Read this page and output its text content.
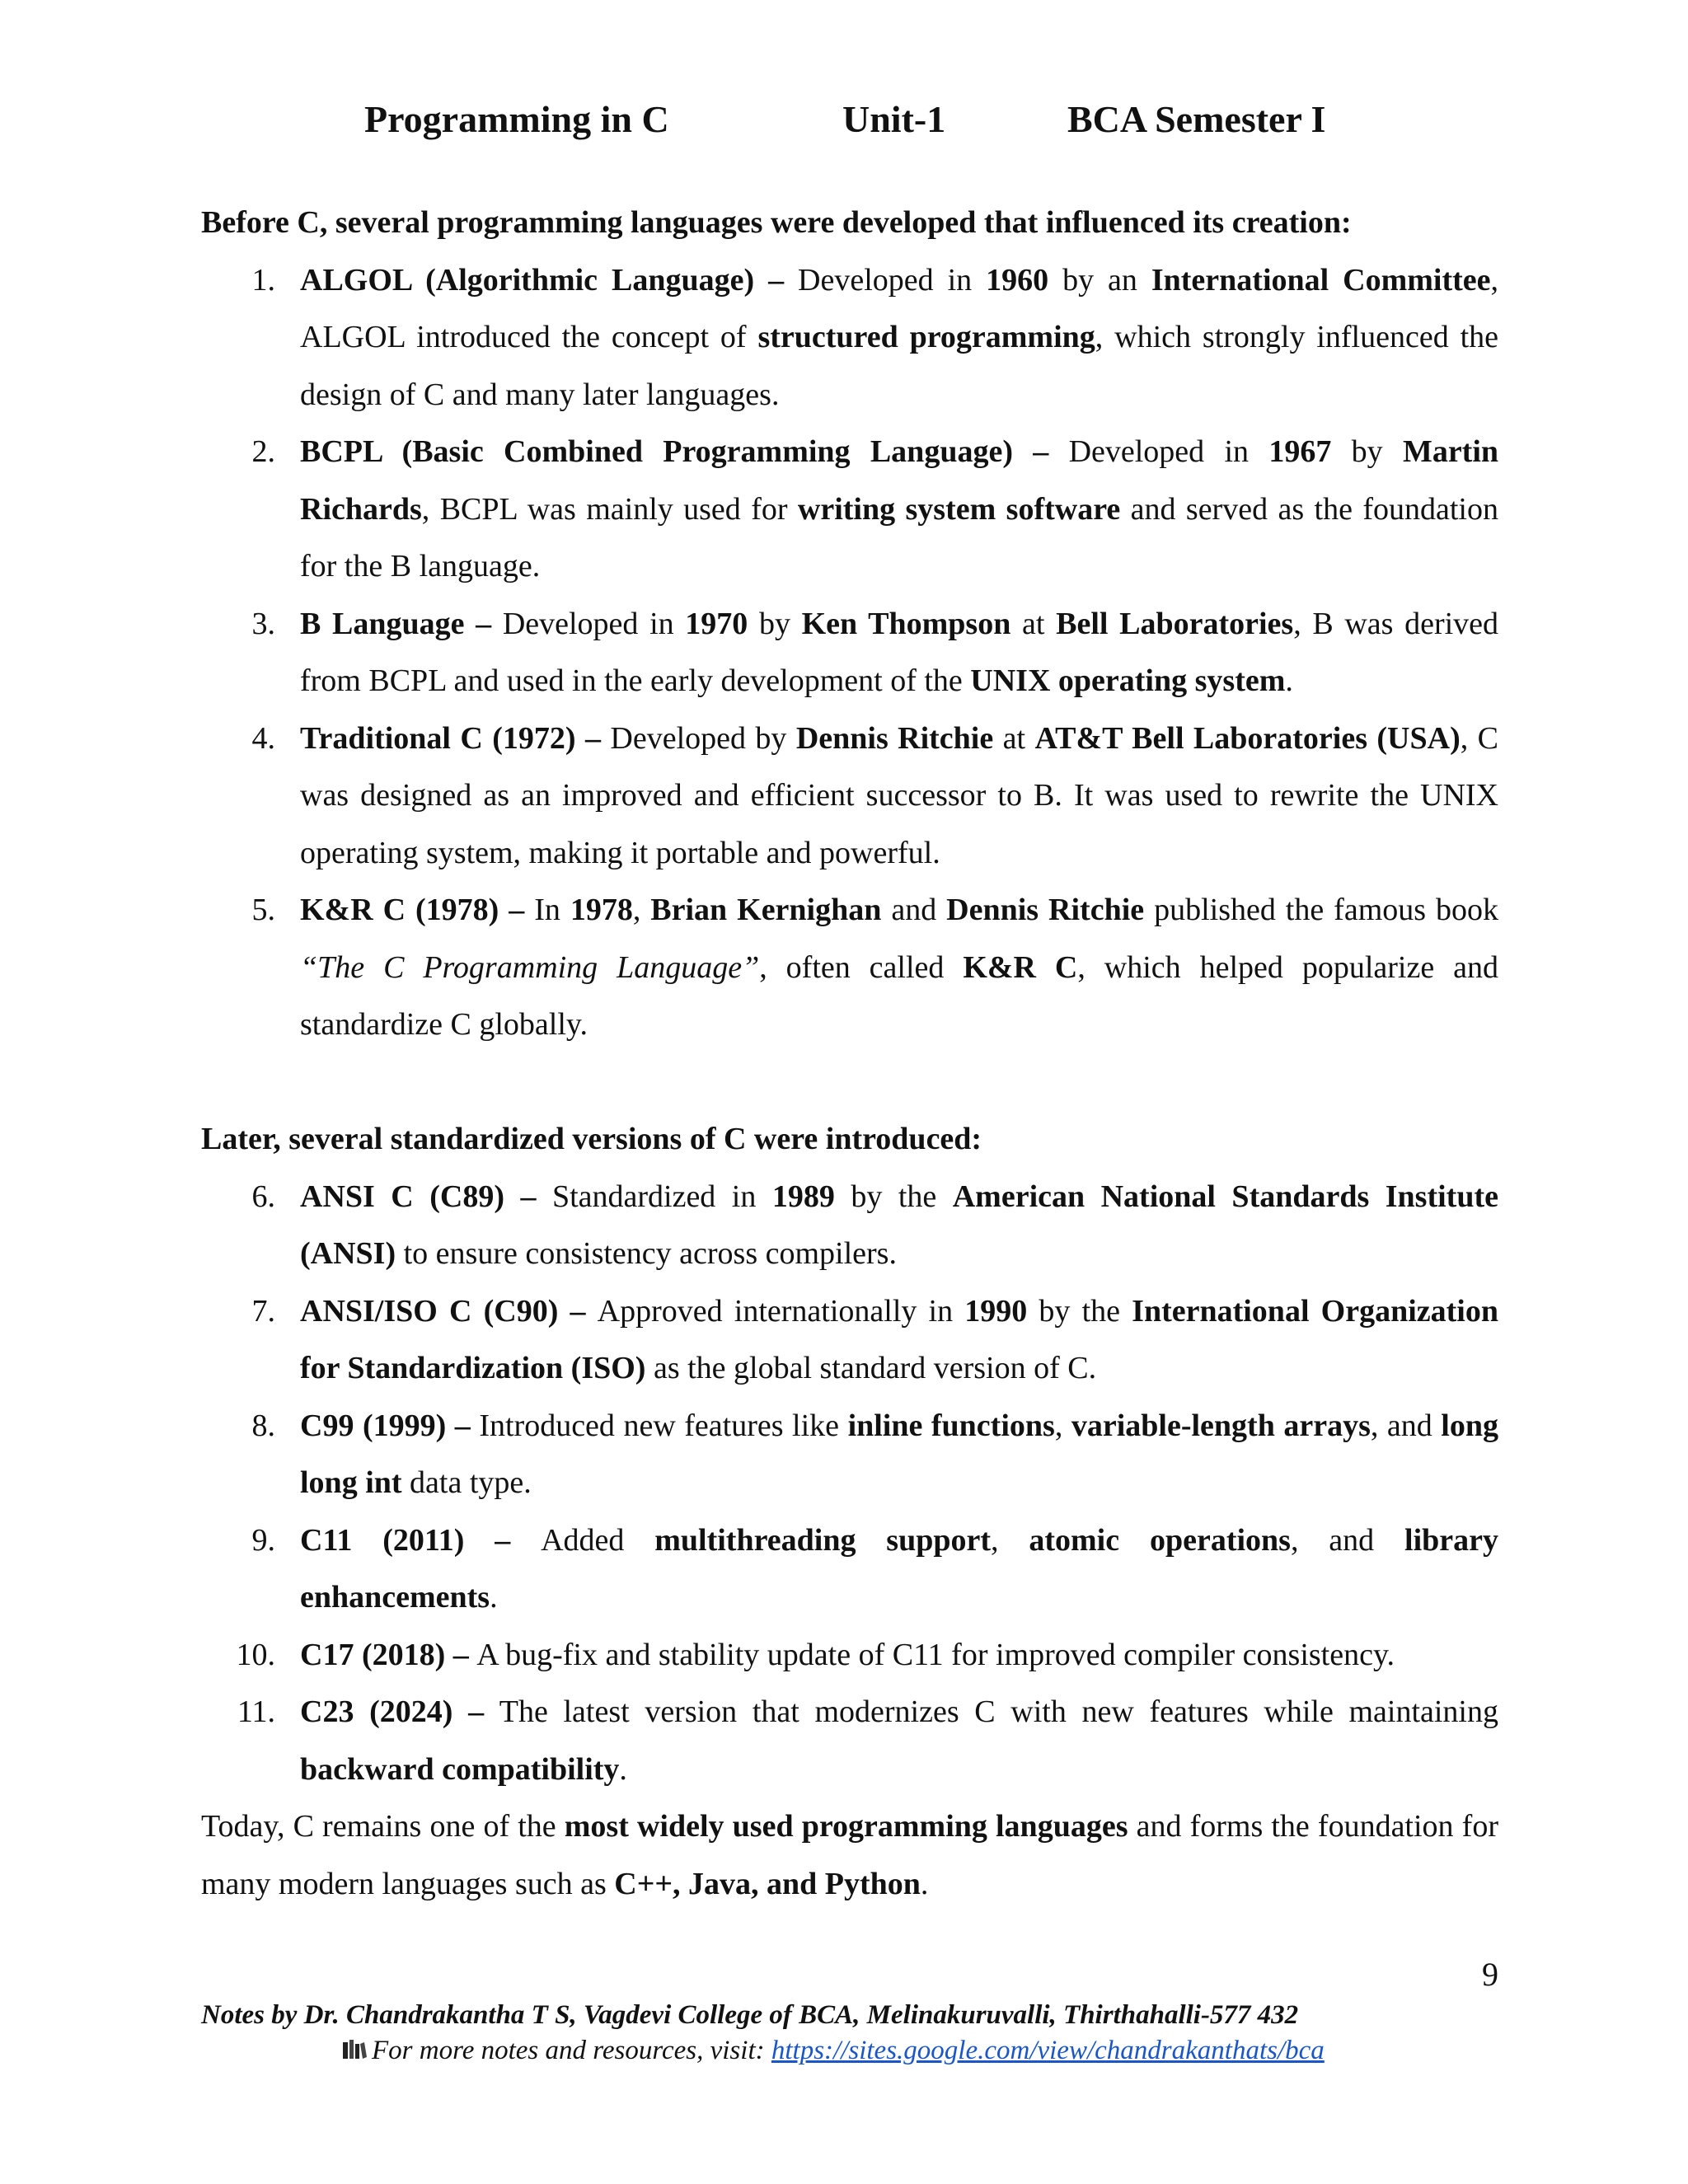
Programming in C	Unit-1	BCA Semester I

Before C, several programming languages were developed that influenced its creation:

1. ALGOL (Algorithmic Language) – Developed in 1960 by an International Committee, ALGOL introduced the concept of structured programming, which strongly influenced the design of C and many later languages.
2. BCPL (Basic Combined Programming Language) – Developed in 1967 by Martin Richards, BCPL was mainly used for writing system software and served as the foundation for the B language.
3. B Language – Developed in 1970 by Ken Thompson at Bell Laboratories, B was derived from BCPL and used in the early development of the UNIX operating system.
4. Traditional C (1972) – Developed by Dennis Ritchie at AT&T Bell Laboratories (USA), C was designed as an improved and efficient successor to B. It was used to rewrite the UNIX operating system, making it portable and powerful.
5. K&R C (1978) – In 1978, Brian Kernighan and Dennis Ritchie published the famous book “The C Programming Language”, often called K&R C, which helped popularize and standardize C globally.

Later, several standardized versions of C were introduced:

6. ANSI C (C89) – Standardized in 1989 by the American National Standards Institute (ANSI) to ensure consistency across compilers.
7. ANSI/ISO C (C90) – Approved internationally in 1990 by the International Organization for Standardization (ISO) as the global standard version of C.
8. C99 (1999) – Introduced new features like inline functions, variable-length arrays, and long long int data type.
9. C11 (2011) – Added multithreading support, atomic operations, and library enhancements.
10. C17 (2018) – A bug-fix and stability update of C11 for improved compiler consistency.
11. C23 (2024) – The latest version that modernizes C with new features while maintaining backward compatibility.

Today, C remains one of the most widely used programming languages and forms the foundation for many modern languages such as C++, Java, and Python.

9
Notes by Dr. Chandrakantha T S, Vagdevi College of BCA, Melinakuruvalli, Thirthahalli-577 432
For more notes and resources, visit: https://sites.google.com/view/chandrakanthats/bca
